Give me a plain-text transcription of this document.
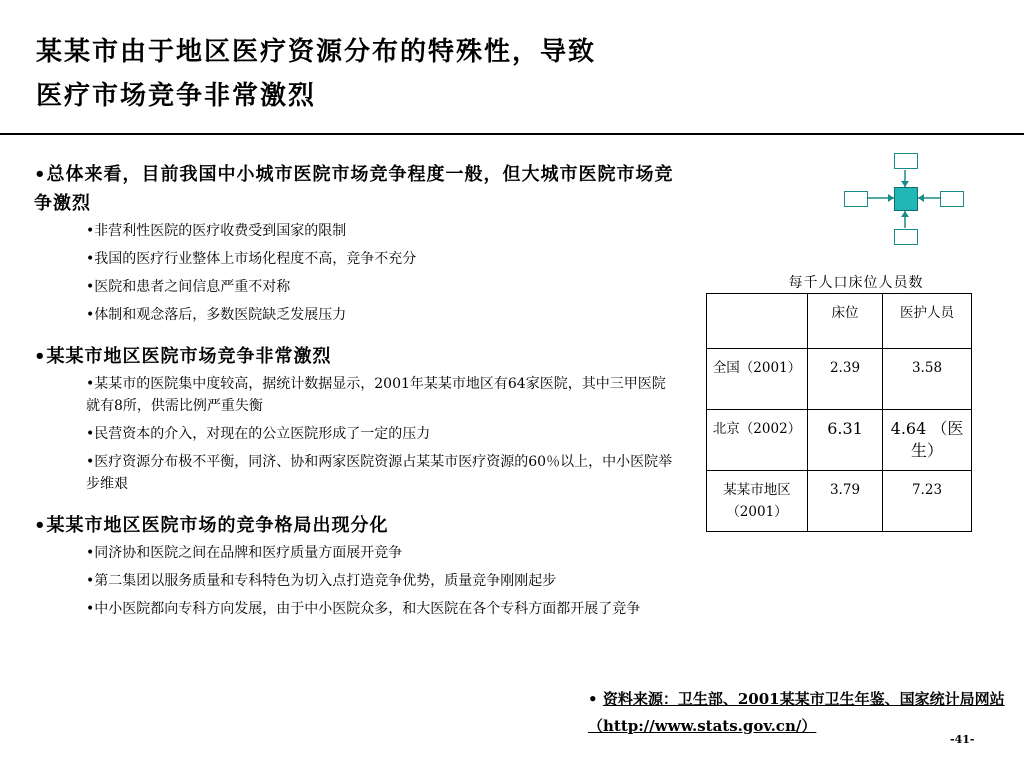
某某市由于地区医疗资源分布的特殊性，导致
医疗市场竞争非常激烈
•总体来看，目前我国中小城市医院市场竞争程度一般，但大城市医院市场竞争激烈
•非营利性医院的医疗收费受到国家的限制
•我国的医疗行业整体上市场化程度不高，竞争不充分
•医院和患者之间信息严重不对称
•体制和观念落后，多数医院缺乏发展压力
•某某市地区医院市场竞争非常激烈
•某某市的医院集中度较高，据统计数据显示，2001年某某市地区有64家医院，其中三甲医院就有8所，供需比例严重失衡
•民营资本的介入，对现在的公立医院形成了一定的压力
•医疗资源分布极不平衡，同济、协和两家医院资源占某某市医疗资源的60％以上，中小医院举步维艰
•某某市地区医院市场的竞争格局出现分化
•同济协和医院之间在品牌和医疗质量方面展开竞争
•第二集团以服务质量和专科特色为切入点打造竞争优势，质量竞争刚刚起步
•中小医院都向专科方向发展，由于中小医院众多，和大医院在各个专科方面都开展了竞争
每千人口床位人员数
	床位	医护人员
全国（2001）	2.39	3.58
北京（2002）	6.31	4.64 （医生）
某某市地区（2001）	3.79	7.23
• 资料来源：卫生部、2001某某市卫生年鉴、国家统计局网站（http://www.stats.gov.cn/）
-41-
